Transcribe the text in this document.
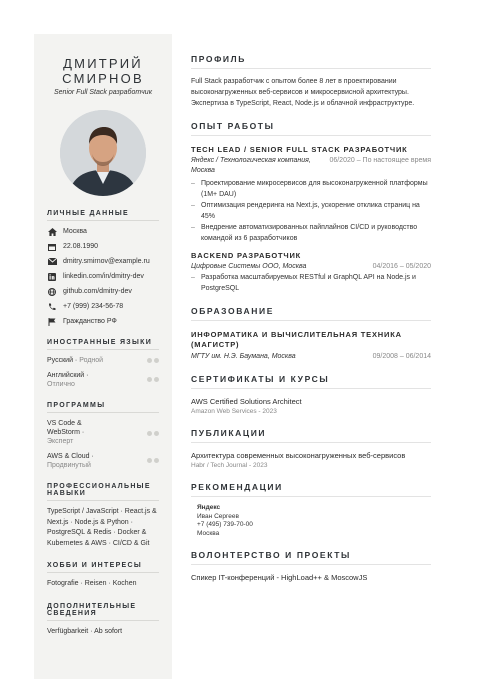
ДМИТРИЙ
СМИРНОВ
Senior Full Stack разработчик
ЛИЧНЫЕ ДАННЫЕ
Москва
22.08.1990
dmitry.smirnov@example.ru
linkedin.com/in/dmitry-dev
github.com/dmitry-dev
+7 (999) 234-56-78
Гражданство РФ
ИНОСТРАННЫЕ ЯЗЫКИ
Русский · Родной
Английский ·
Отлично
ПРОГРАММЫ
VS Code & WebStorm ·
Эксперт
AWS & Cloud ·
Продвинутый
ПРОФЕССИОНАЛЬНЫЕ НАВЫКИ
TypeScript / JavaScript · React.js & Next.js · Node.js & Python · PostgreSQL & Redis · Docker & Kubernetes & AWS · CI/CD & Git
ХОББИ И ИНТЕРЕСЫ
Fotografie · Reisen · Kochen
ДОПОЛНИТЕЛЬНЫЕ СВЕДЕНИЯ
Verfügbarkeit · Ab sofort
ПРОФИЛЬ
Full Stack разработчик с опытом более 8 лет в проектировании высоконагруженных веб-сервисов и микросервисной архитектуры. Экспертиза в TypeScript, React, Node.js и облачной инфраструктуре.
ОПЫТ РАБОТЫ
TECH LEAD / SENIOR FULL STACK РАЗРАБОТЧИК
Яндекс / Технологическая компания, Москва
06/2020 – По настоящее время
– Проектирование микросервисов для высоконагруженной платформы (1М+ DAU)
– Оптимизация рендеринга на Next.js, ускорение отклика страниц на 45%
– Внедрение автоматизированных пайплайнов CI/CD и руководство командой из 6 разработчиков
BACKEND РАЗРАБОТЧИК
Цифровые Системы ООО, Москва	04/2016 – 05/2020
– Разработка масштабируемых RESTful и GraphQL API на Node.js и PostgreSQL
ОБРАЗОВАНИЕ
ИНФОРМАТИКА И ВЫЧИСЛИТЕЛЬНАЯ ТЕХНИКА (МАГИСТР)
МГТУ им. Н.Э. Баумана, Москва	09/2008 – 06/2014
СЕРТИФИКАТЫ И КУРСЫ
AWS Certified Solutions Architect
Amazon Web Services - 2023
ПУБЛИКАЦИИ
Архитектура современных высоконагруженных веб-сервисов
Habr / Tech Journal - 2023
РЕКОМЕНДАЦИИ
Яндекс
Иван Сергеев
+7 (495) 739-70-00
Москва
ВОЛОНТЕРСТВО И ПРОЕКТЫ
Спикер IT-конференций - HighLoad++ & MoscowJS
